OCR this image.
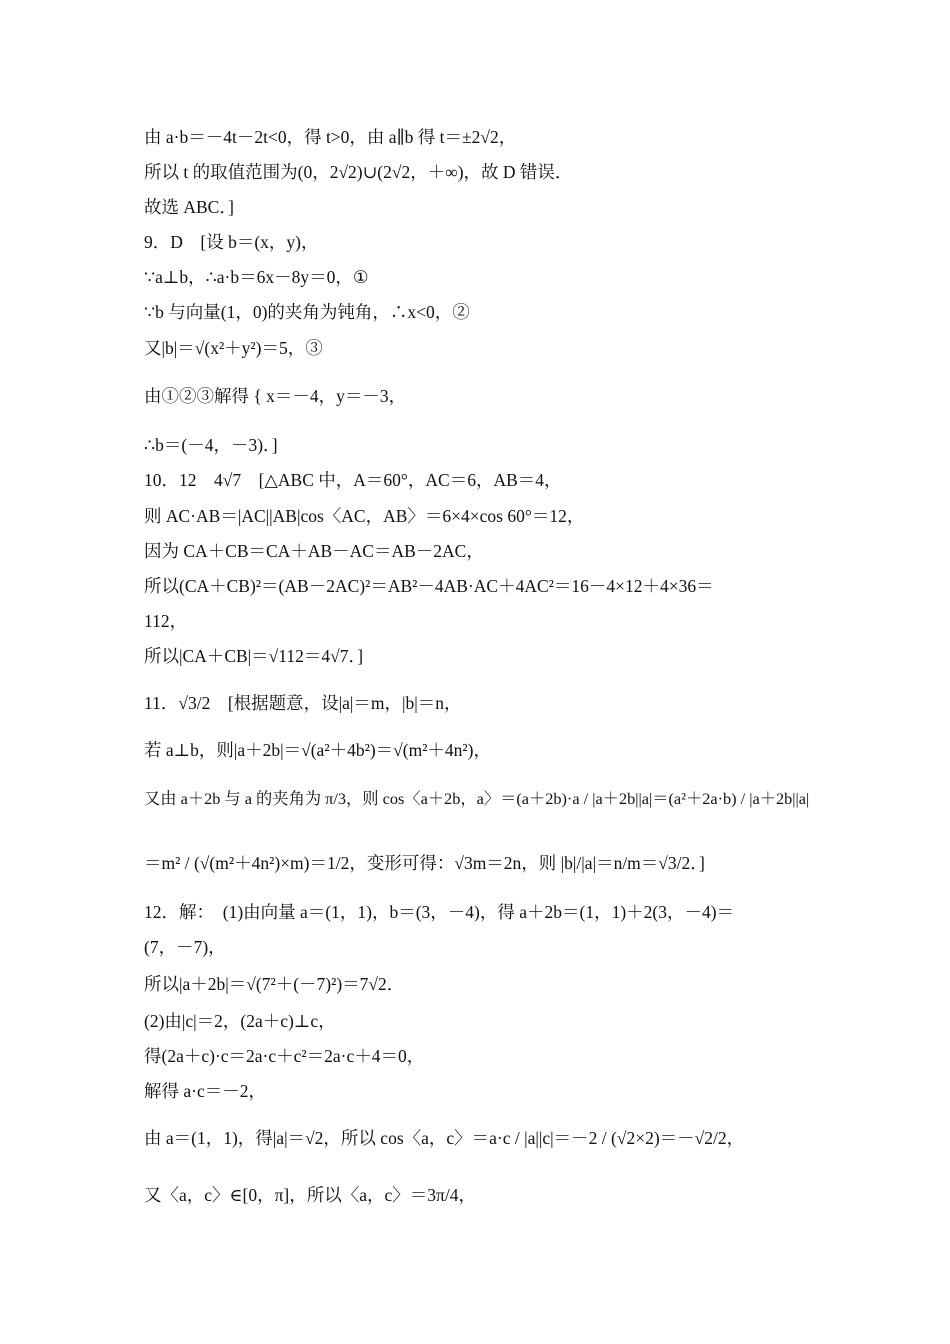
由 a·b＝－4t－2t<0，得 t>0，由 a∥b 得 t＝±2√2，
所以 t 的取值范围为(0，2√2)∪(2√2，＋∞)，故 D 错误．
故选 ABC．]
9．D　[设 b＝(x，y)，
∵a⊥b，∴a·b＝6x－8y＝0，①
∵b 与向量(1，0)的夹角为钝角，∴x<0，②
又|b|＝√(x²＋y²)＝5，③
由①②③解得 { x＝－4，y＝－3，
∴b＝(－4，－3)．]
10．12　4√7　[△ABC 中，A＝60°，AC＝6，AB＝4，
则 AC·AB＝|AC||AB|cos〈AC，AB〉＝6×4×cos 60°＝12，
因为 CA＋CB＝CA＋AB－AC＝AB－2AC，
所以(CA＋CB)²＝(AB－2AC)²＝AB²－4AB·AC＋4AC²＝16－4×12＋4×36＝
112，
所以|CA＋CB|＝√112＝4√7．]
11．√3/2　[根据题意，设|a|＝m，|b|＝n，
若 a⊥b，则|a＋2b|＝√(a²＋4b²)＝√(m²＋4n²)，
又由 a＋2b 与 a 的夹角为 π/3，则 cos〈a＋2b，a〉＝(a＋2b)·a / |a＋2b||a|＝(a²＋2a·b) / |a＋2b||a|
＝m² / (√(m²＋4n²)×m)＝1/2，变形可得：√3m＝2n，则 |b|/|a|＝n/m＝√3/2．]
12．解：　(1)由向量 a＝(1，1)，b＝(3，－4)，得 a＋2b＝(1，1)＋2(3，－4)＝
(7，－7)，
所以|a＋2b|＝√(7²＋(－7)²)＝7√2．
(2)由|c|＝2，(2a＋c)⊥c，
得(2a＋c)·c＝2a·c＋c²＝2a·c＋4＝0，
解得 a·c＝－2，
由 a＝(1，1)，得|a|＝√2，所以 cos〈a，c〉＝a·c / |a||c|＝－2 / (√2×2)＝－√2/2，
又〈a，c〉∈[0，π]，所以〈a，c〉＝3π/4，
